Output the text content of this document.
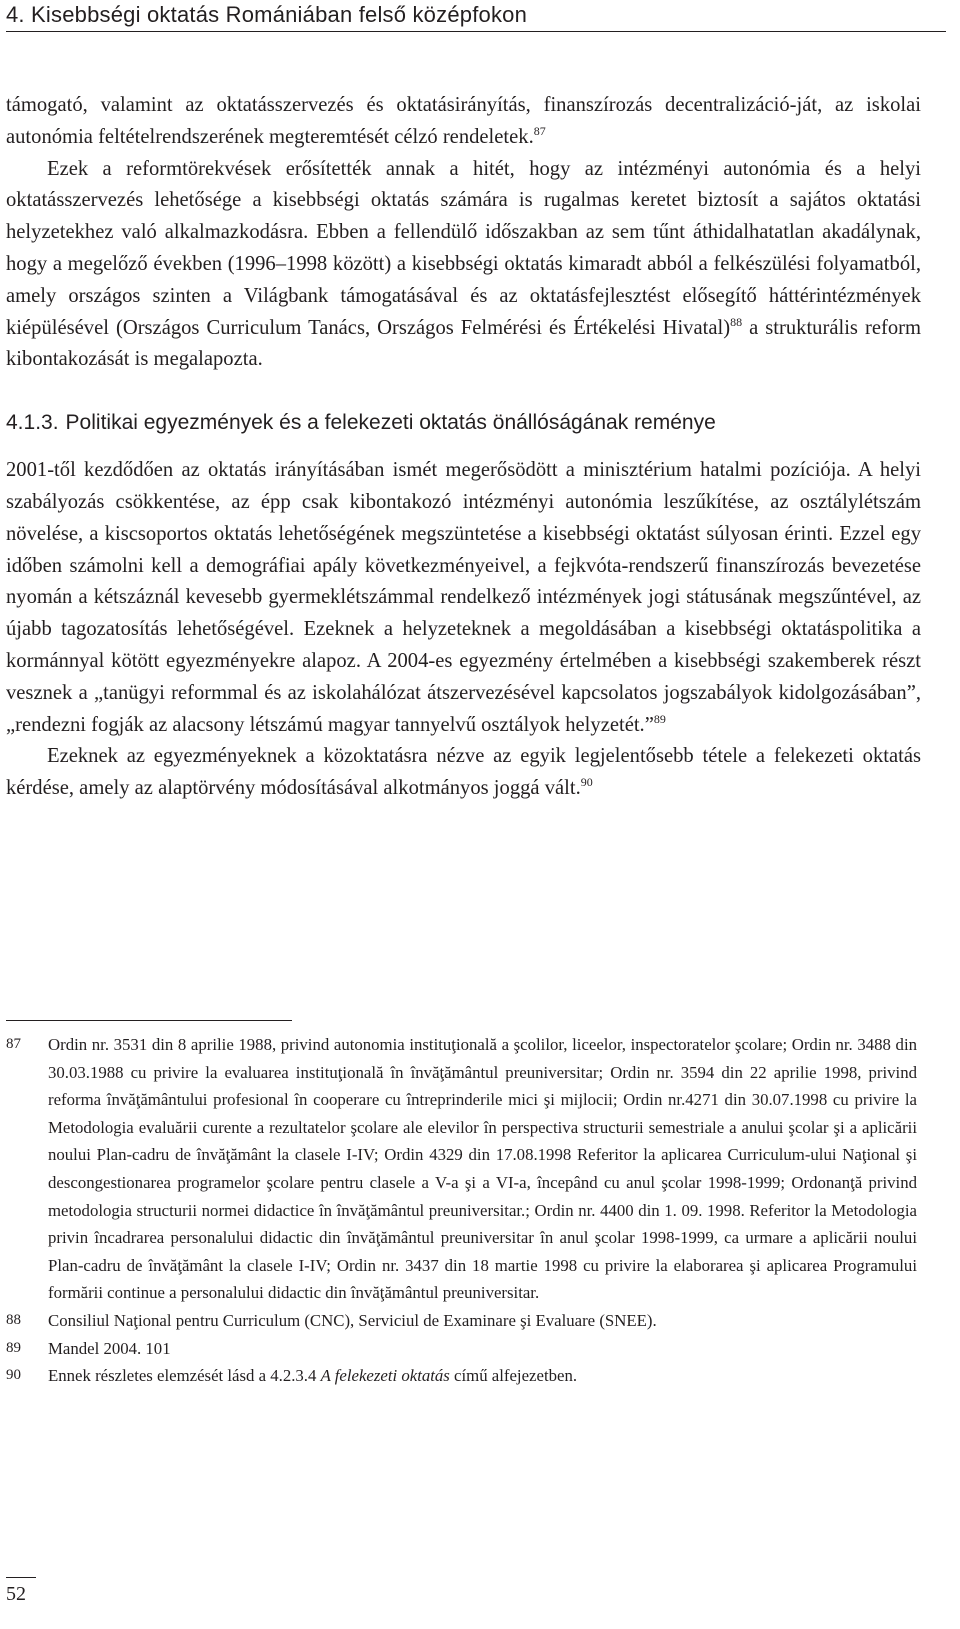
4. Kisebbségi oktatás Romániában felső középfokon

támogató, valamint az oktatásszervezés és oktatásirányítás, finanszírozás decentralizáció-ját, az iskolai autonómia feltételrendszerének megteremtését célzó rendeletek.$^{87}$

Ezek a reformtörekvések erősítették annak a hitét, hogy az intézményi autonómia és a helyi oktatásszervezés lehetősége a kisebbségi oktatás számára is rugalmas keretet biztosít a sajátos oktatási helyzetekhez való alkalmazkodásra. Ebben a fellendülő időszakban az sem tűnt áthidalhatatlan akadálynak, hogy a megelőző években (1996–1998 között) a kisebbségi oktatás kimaradt abból a felkészülési folyamatból, amely országos szinten a Világbank támogatásával és az oktatásfejlesztést elősegítő háttérintézmények kiépülésével (Országos Curriculum Tanács, Országos Felmérési és Értékelési Hivatal)$^{88}$ a strukturális reform kibontakozását is megalapozta.

4.1.3. Politikai egyezmények és a felekezeti oktatás önállóságának reménye

2001-től kezdődően az oktatás irányításában ismét megerősödött a minisztérium hatalmi pozíciója. A helyi szabályozás csökkentése, az épp csak kibontakozó intézményi autonómia leszűkítése, az osztálylétszám növelése, a kiscsoportos oktatás lehetőségének megszüntetése a kisebbségi oktatást súlyosan érinti. Ezzel egy időben számolni kell a demográfiai apály következményeivel, a fejkvóta-rendszerű finanszírozás bevezetése nyomán a kétszáznál kevesebb gyermeklétszámmal rendelkező intézmények jogi státusának megszűntével, az újabb tagozatosítás lehetőségével. Ezeknek a helyzeteknek a megoldásában a kisebbségi oktatáspolitika a kormánnyal kötött egyezményekre alapoz. A 2004-es egyezmény értelmében a kisebbségi szakemberek részt vesznek a „tanügyi reformmal és az iskolahálózat átszervezésével kapcsolatos jogszabályok kidolgozásában”, „rendezni fogják az alacsony létszámú magyar tannyelvű osztályok helyzetét.”$^{89}$

Ezeknek az egyezményeknek a közoktatásra nézve az egyik legjelentősebb tétele a felekezeti oktatás kérdése, amely az alaptörvény módosításával alkotmányos joggá vált.$^{90}$

87 Ordin nr. 3531 din 8 aprilie 1988, privind autonomia instituţională a şcolilor, liceelor, inspectoratelor şcolare; Ordin nr. 3488 din 30.03.1988 cu privire la evaluarea instituţională în învăţământul preuniversitar; Ordin nr. 3594 din 22 aprilie 1998, privind reforma învăţământului profesional în cooperare cu întreprinderile mici şi mijlocii; Ordin nr.4271 din 30.07.1998 cu privire la Metodologia evaluării curente a rezultatelor şcolare ale elevilor în perspectiva structurii semestriale a anului şcolar şi a aplicării noului Plan-cadru de învăţământ la clasele I-IV; Ordin 4329 din 17.08.1998 Referitor la aplicarea Curriculum-ului Naţional şi descongestionarea programelor şcolare pentru clasele a V-a şi a VI-a, începând cu anul şcolar 1998-1999; Ordonanţă privind metodologia structurii normei didactice în învăţământul preuniversitar.; Ordin nr. 4400 din 1. 09. 1998. Referitor la Metodologia privin încadrarea personalului didactic din învăţământul preuniversitar în anul şcolar 1998-1999, ca urmare a aplicării noului Plan-cadru de învăţământ la clasele I-IV; Ordin nr. 3437 din 18 martie 1998 cu privire la elaborarea şi aplicarea Programului formării continue a personalului didactic din învăţământul preuniversitar.
88 Consiliul Naţional pentru Curriculum (CNC), Serviciul de Examinare şi Evaluare (SNEE).
89 Mandel 2004. 101
90 Ennek részletes elemzését lásd a 4.2.3.4 A felekezeti oktatás című alfejezetben.
52
